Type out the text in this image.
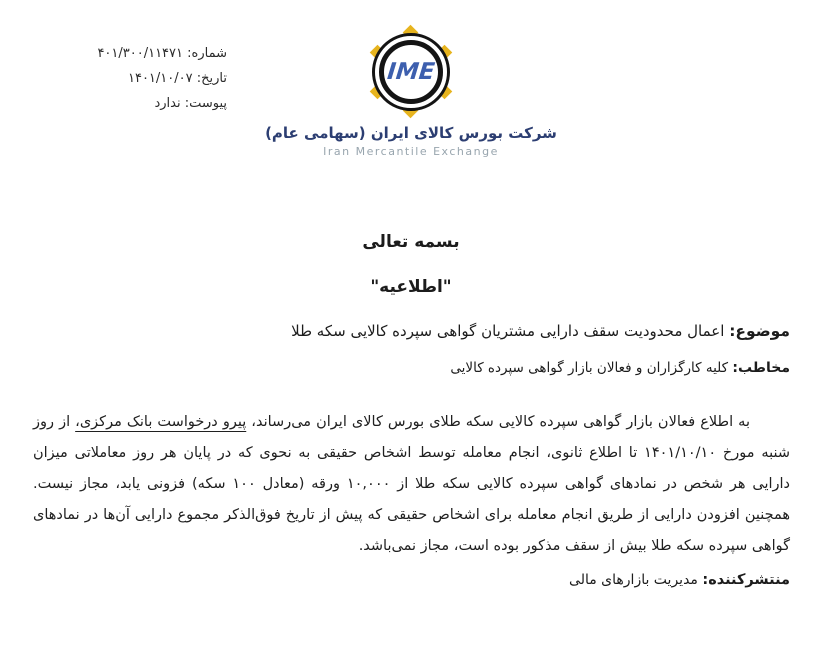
شماره: ۴۰۱/۳۰۰/۱۱۴۷۱
تاریخ: ۱۴۰۱/۱۰/۰۷
پیوست: ندارد
IME
شرکت بورس کالای ایران (سهامی عام)
Iran Mercantile Exchange
بسمه تعالی
"اطلاعیه"
موضوع: اعمال محدودیت سقف دارایی مشتریان گواهی سپرده کالایی سکه طلا
مخاطب: کلیه کارگزاران و فعالان بازار گواهی سپرده کالایی

به اطلاع فعالان بازار گواهی سپرده کالایی سکه طلای بورس کالای ایران می‌رساند، پیرو درخواست بانک مرکزی، از روز شنبه مورخ ۱۴۰۱/۱۰/۱۰ تا اطلاع ثانوی، انجام معامله توسط اشخاص حقیقی به نحوی که در پایان هر روز معاملاتی میزان دارایی هر شخص در نمادهای گواهی سپرده کالایی سکه طلا از ۱۰,۰۰۰ ورقه (معادل ۱۰۰ سکه) فزونی یابد، مجاز نیست. همچنین افزودن دارایی از طریق انجام معامله برای اشخاص حقیقی که پیش از تاریخ فوق‌الذکر مجموع دارایی آن‌ها در نمادهای گواهی سپرده سکه طلا بیش از سقف مذکور بوده است، مجاز نمی‌باشد.

منتشرکننده: مدیریت بازارهای مالی
